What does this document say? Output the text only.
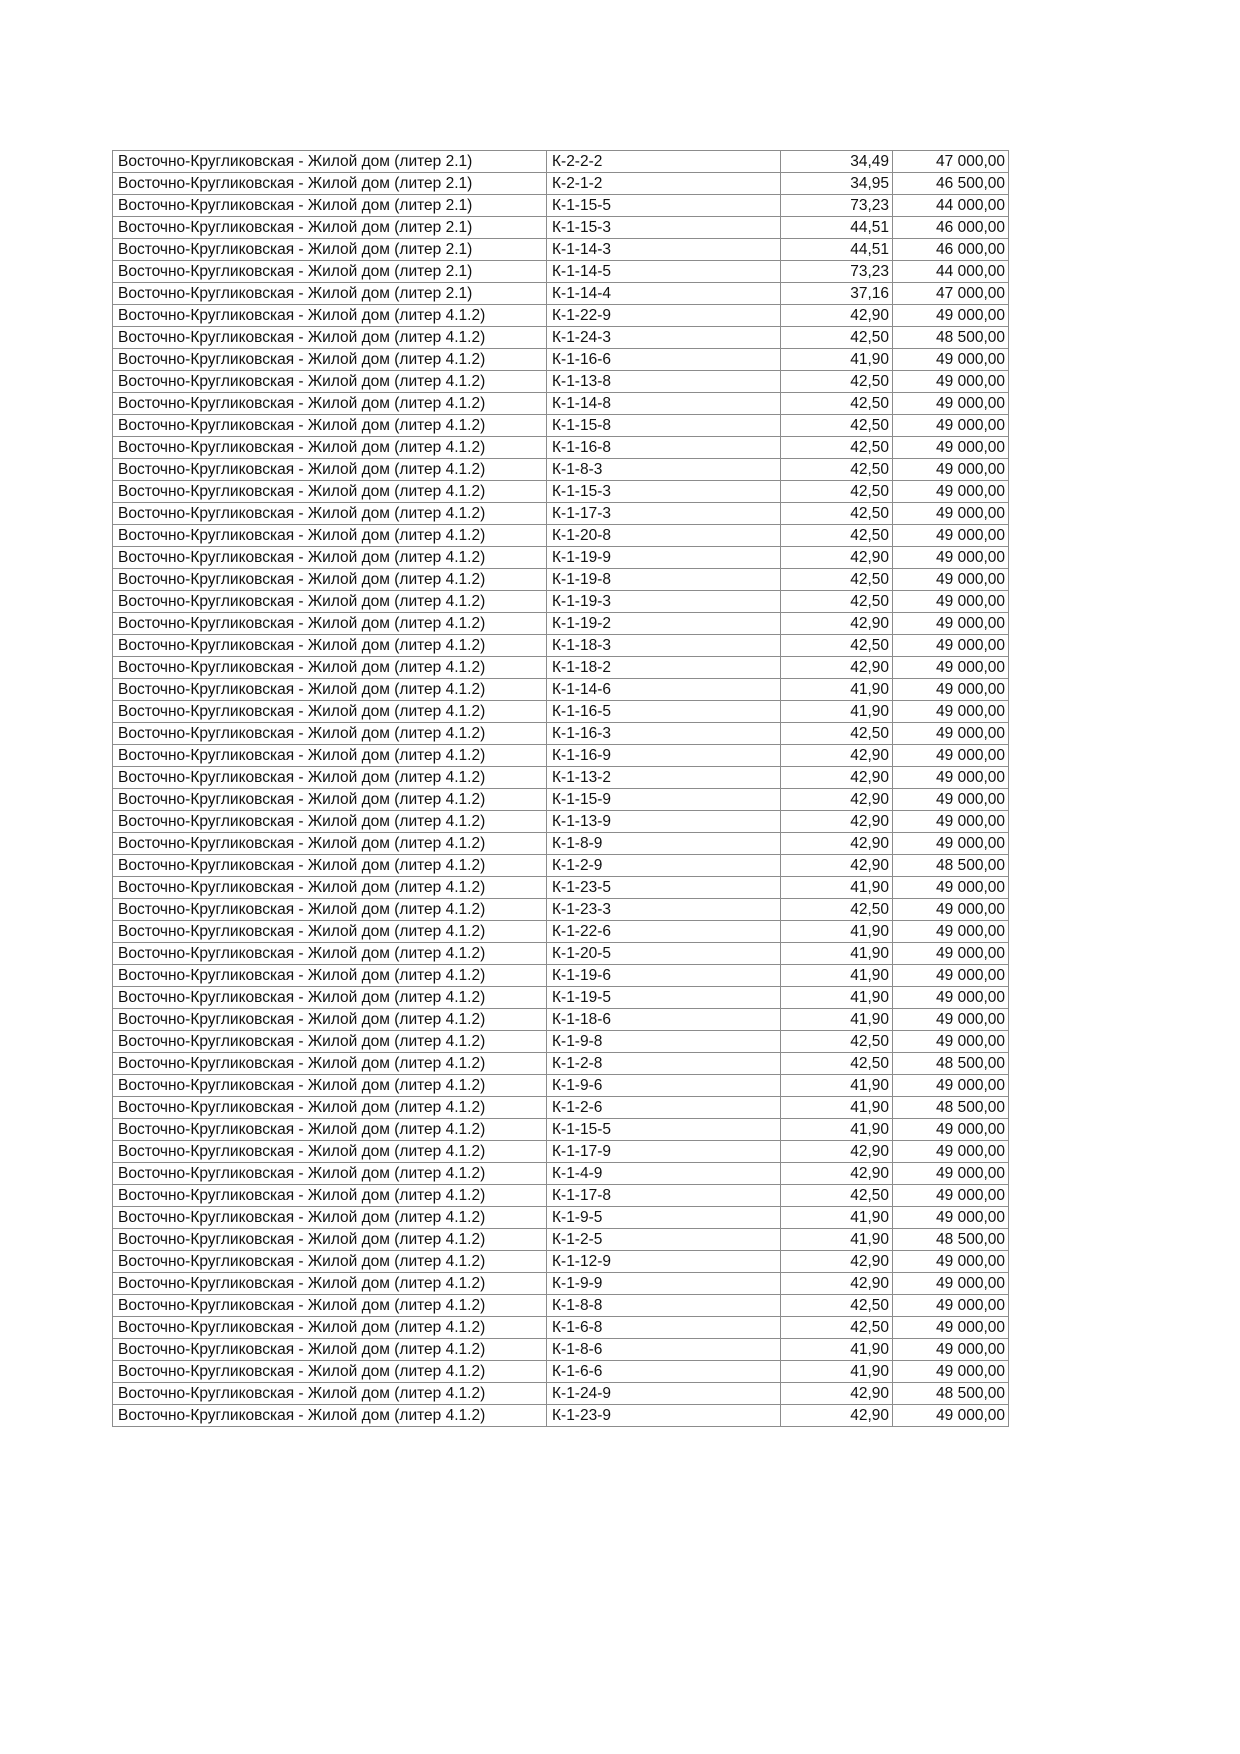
Восточно-Кругликовская - Жилой дом (литер 2.1)	К-2-2-2	34,49	47 000,00
Восточно-Кругликовская - Жилой дом (литер 2.1)	К-2-1-2	34,95	46 500,00
Восточно-Кругликовская - Жилой дом (литер 2.1)	К-1-15-5	73,23	44 000,00
Восточно-Кругликовская - Жилой дом (литер 2.1)	К-1-15-3	44,51	46 000,00
Восточно-Кругликовская - Жилой дом (литер 2.1)	К-1-14-3	44,51	46 000,00
Восточно-Кругликовская - Жилой дом (литер 2.1)	К-1-14-5	73,23	44 000,00
Восточно-Кругликовская - Жилой дом (литер 2.1)	К-1-14-4	37,16	47 000,00
Восточно-Кругликовская - Жилой дом (литер 4.1.2)	К-1-22-9	42,90	49 000,00
Восточно-Кругликовская - Жилой дом (литер 4.1.2)	К-1-24-3	42,50	48 500,00
Восточно-Кругликовская - Жилой дом (литер 4.1.2)	К-1-16-6	41,90	49 000,00
Восточно-Кругликовская - Жилой дом (литер 4.1.2)	К-1-13-8	42,50	49 000,00
Восточно-Кругликовская - Жилой дом (литер 4.1.2)	К-1-14-8	42,50	49 000,00
Восточно-Кругликовская - Жилой дом (литер 4.1.2)	К-1-15-8	42,50	49 000,00
Восточно-Кругликовская - Жилой дом (литер 4.1.2)	К-1-16-8	42,50	49 000,00
Восточно-Кругликовская - Жилой дом (литер 4.1.2)	К-1-8-3	42,50	49 000,00
Восточно-Кругликовская - Жилой дом (литер 4.1.2)	К-1-15-3	42,50	49 000,00
Восточно-Кругликовская - Жилой дом (литер 4.1.2)	К-1-17-3	42,50	49 000,00
Восточно-Кругликовская - Жилой дом (литер 4.1.2)	К-1-20-8	42,50	49 000,00
Восточно-Кругликовская - Жилой дом (литер 4.1.2)	К-1-19-9	42,90	49 000,00
Восточно-Кругликовская - Жилой дом (литер 4.1.2)	К-1-19-8	42,50	49 000,00
Восточно-Кругликовская - Жилой дом (литер 4.1.2)	К-1-19-3	42,50	49 000,00
Восточно-Кругликовская - Жилой дом (литер 4.1.2)	К-1-19-2	42,90	49 000,00
Восточно-Кругликовская - Жилой дом (литер 4.1.2)	К-1-18-3	42,50	49 000,00
Восточно-Кругликовская - Жилой дом (литер 4.1.2)	К-1-18-2	42,90	49 000,00
Восточно-Кругликовская - Жилой дом (литер 4.1.2)	К-1-14-6	41,90	49 000,00
Восточно-Кругликовская - Жилой дом (литер 4.1.2)	К-1-16-5	41,90	49 000,00
Восточно-Кругликовская - Жилой дом (литер 4.1.2)	К-1-16-3	42,50	49 000,00
Восточно-Кругликовская - Жилой дом (литер 4.1.2)	К-1-16-9	42,90	49 000,00
Восточно-Кругликовская - Жилой дом (литер 4.1.2)	К-1-13-2	42,90	49 000,00
Восточно-Кругликовская - Жилой дом (литер 4.1.2)	К-1-15-9	42,90	49 000,00
Восточно-Кругликовская - Жилой дом (литер 4.1.2)	К-1-13-9	42,90	49 000,00
Восточно-Кругликовская - Жилой дом (литер 4.1.2)	К-1-8-9	42,90	49 000,00
Восточно-Кругликовская - Жилой дом (литер 4.1.2)	К-1-2-9	42,90	48 500,00
Восточно-Кругликовская - Жилой дом (литер 4.1.2)	К-1-23-5	41,90	49 000,00
Восточно-Кругликовская - Жилой дом (литер 4.1.2)	К-1-23-3	42,50	49 000,00
Восточно-Кругликовская - Жилой дом (литер 4.1.2)	К-1-22-6	41,90	49 000,00
Восточно-Кругликовская - Жилой дом (литер 4.1.2)	К-1-20-5	41,90	49 000,00
Восточно-Кругликовская - Жилой дом (литер 4.1.2)	К-1-19-6	41,90	49 000,00
Восточно-Кругликовская - Жилой дом (литер 4.1.2)	К-1-19-5	41,90	49 000,00
Восточно-Кругликовская - Жилой дом (литер 4.1.2)	К-1-18-6	41,90	49 000,00
Восточно-Кругликовская - Жилой дом (литер 4.1.2)	К-1-9-8	42,50	49 000,00
Восточно-Кругликовская - Жилой дом (литер 4.1.2)	К-1-2-8	42,50	48 500,00
Восточно-Кругликовская - Жилой дом (литер 4.1.2)	К-1-9-6	41,90	49 000,00
Восточно-Кругликовская - Жилой дом (литер 4.1.2)	К-1-2-6	41,90	48 500,00
Восточно-Кругликовская - Жилой дом (литер 4.1.2)	К-1-15-5	41,90	49 000,00
Восточно-Кругликовская - Жилой дом (литер 4.1.2)	К-1-17-9	42,90	49 000,00
Восточно-Кругликовская - Жилой дом (литер 4.1.2)	К-1-4-9	42,90	49 000,00
Восточно-Кругликовская - Жилой дом (литер 4.1.2)	К-1-17-8	42,50	49 000,00
Восточно-Кругликовская - Жилой дом (литер 4.1.2)	К-1-9-5	41,90	49 000,00
Восточно-Кругликовская - Жилой дом (литер 4.1.2)	К-1-2-5	41,90	48 500,00
Восточно-Кругликовская - Жилой дом (литер 4.1.2)	К-1-12-9	42,90	49 000,00
Восточно-Кругликовская - Жилой дом (литер 4.1.2)	К-1-9-9	42,90	49 000,00
Восточно-Кругликовская - Жилой дом (литер 4.1.2)	К-1-8-8	42,50	49 000,00
Восточно-Кругликовская - Жилой дом (литер 4.1.2)	К-1-6-8	42,50	49 000,00
Восточно-Кругликовская - Жилой дом (литер 4.1.2)	К-1-8-6	41,90	49 000,00
Восточно-Кругликовская - Жилой дом (литер 4.1.2)	К-1-6-6	41,90	49 000,00
Восточно-Кругликовская - Жилой дом (литер 4.1.2)	К-1-24-9	42,90	48 500,00
Восточно-Кругликовская - Жилой дом (литер 4.1.2)	К-1-23-9	42,90	49 000,00
